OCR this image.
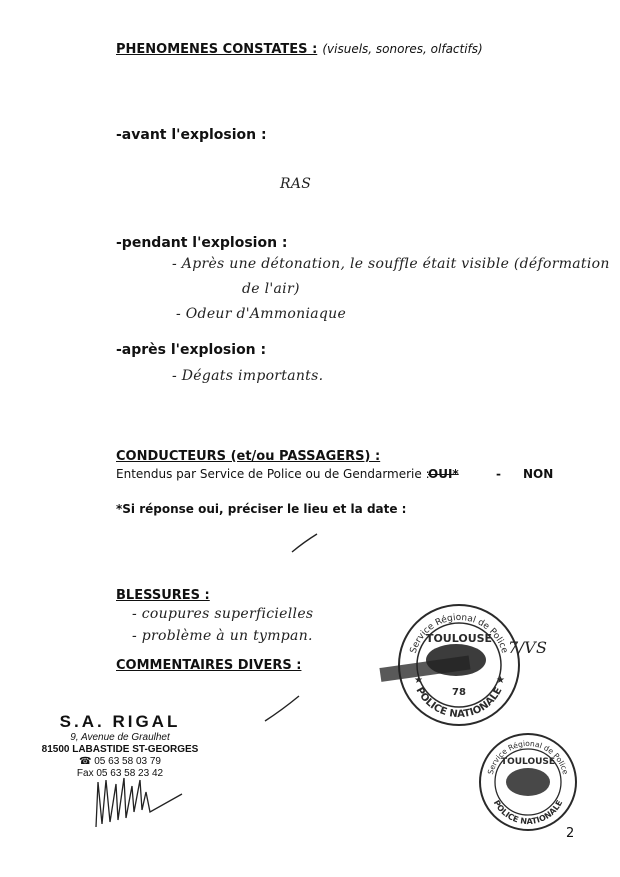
PHENOMENES CONSTATES : (visuels, sonores, olfactifs)
-avant l'explosion :
RAS
-pendant l'explosion :
- Après une détonation, le souffle était visible (déformation
de l'air)
- Odeur d'Ammoniaque
-après l'explosion :
- Dégats importants.
CONDUCTEURS (et/ou PASSAGERS) :
Entendus par Service de Police ou de Gendarmerie :
OUI*	- NON
*Si réponse oui, préciser le lieu et la date :
BLESSURES :
- coupures superficielles
- problème à un tympan.
COMMENTAIRES DIVERS :
Service Régional de Police
POLICE NATIONALE
TOULOUSE
78
★
★
7/VS
S.A. RIGAL
9, Avenue de Graulhet
81500 LABASTIDE ST-GEORGES
☎ 05 63 58 03 79
Fax 05 63 58 23 42	Service Régional de Police
POLICE NATIONALE
TOULOUSE
2
